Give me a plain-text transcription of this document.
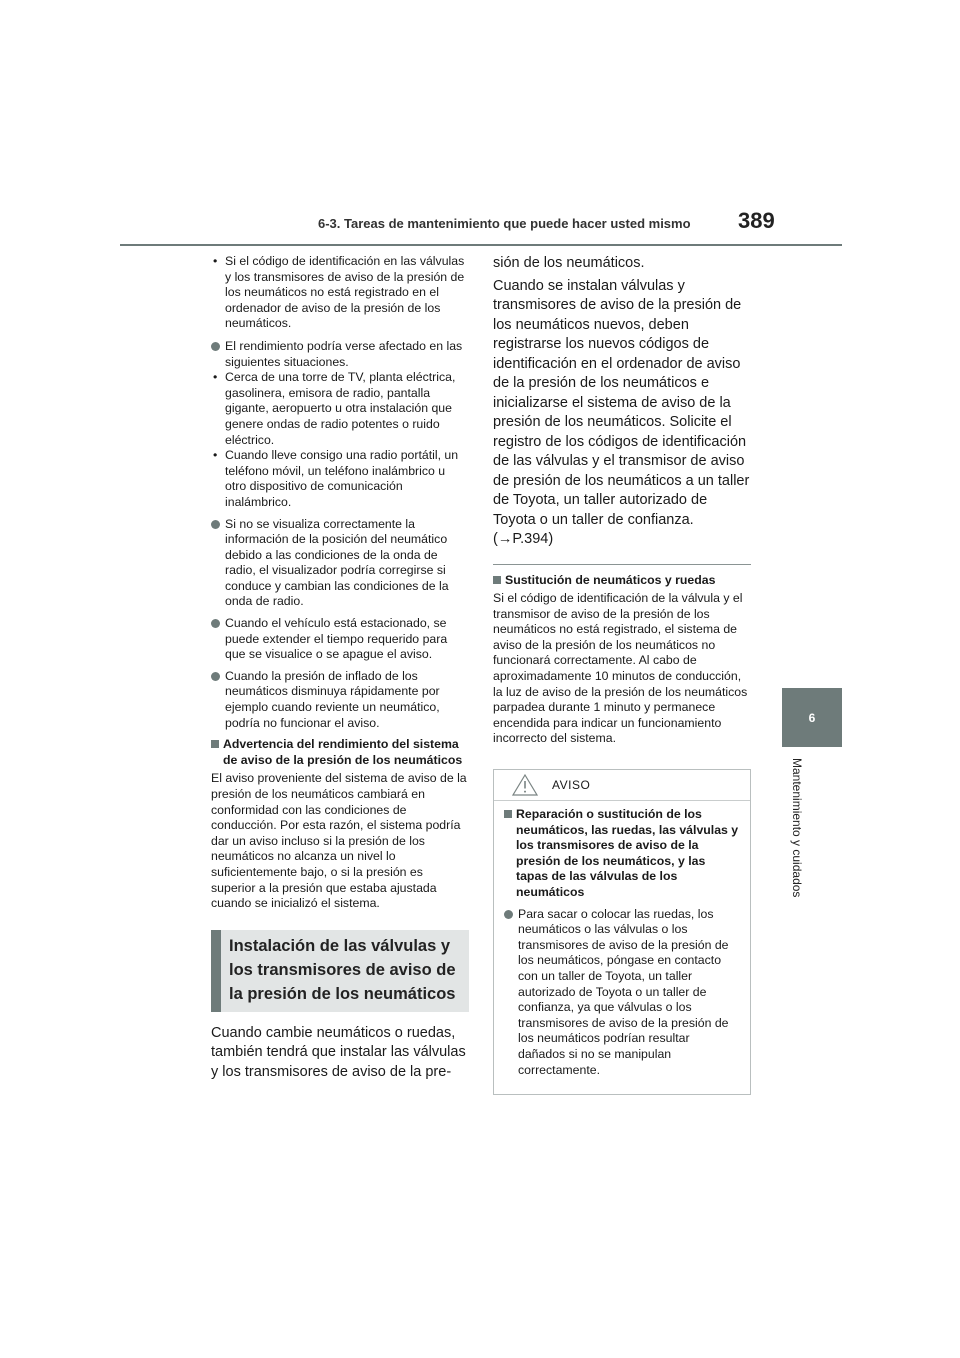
6-3. Tareas de mantenimiento que puede hacer usted mismo	389
6
Mantenimiento y cuidados
• Si el código de identificación en las válvulas y los transmisores de aviso de la presión de los neumáticos no está registrado en el ordenador de aviso de la presión de los neumáticos.
El rendimiento podría verse afectado en las siguientes situaciones.
• Cerca de una torre de TV, planta eléctrica, gasolinera, emisora de radio, pantalla gigante, aeropuerto u otra instalación que genere ondas de radio potentes o ruido eléctrico.
• Cuando lleve consigo una radio portátil, un teléfono móvil, un teléfono inalámbrico u otro dispositivo de comunicación inalámbrico.
Si no se visualiza correctamente la información de la posición del neumático debido a las condiciones de la onda de radio, el visualizador podría corregirse si conduce y cambian las condiciones de la onda de radio.
Cuando el vehículo está estacionado, se puede extender el tiempo requerido para que se visualice o se apague el aviso.
Cuando la presión de inflado de los neumáticos disminuya rápidamente por ejemplo cuando reviente un neumático, podría no funcionar el aviso.
Advertencia del rendimiento del sistema de aviso de la presión de los neumáticos

El aviso proveniente del sistema de aviso de la presión de los neumáticos cambiará en conformidad con las condiciones de conducción. Por esta razón, el sistema podría dar un aviso incluso si la presión de los neumáticos no alcanza un nivel lo suficientemente bajo, o si la presión es superior a la presión que estaba ajustada cuando se inicializó el sistema.

Instalación de las válvulas y los transmisores de aviso de la presión de los neumáticos

Cuando cambie neumáticos o ruedas, también tendrá que instalar las válvulas y los transmisores de aviso de la pre-

sión de los neumáticos.

Cuando se instalan válvulas y transmisores de aviso de la presión de los neumáticos nuevos, deben registrarse los nuevos códigos de identificación en el ordenador de aviso de la presión de los neumáticos e inicializarse el sistema de aviso de la presión de los neumáticos. Solicite el registro de los códigos de identificación de las válvulas y el transmisor de aviso de presión de los neumáticos a un taller de Toyota, un taller autorizado de Toyota o un taller de confianza. (→P.394)

Sustitución de neumáticos y ruedas

Si el código de identificación de la válvula y el transmisor de aviso de la presión de los neumáticos no está registrado, el sistema de aviso de la presión de los neumáticos no funcionará correctamente. Al cabo de aproximadamente 10 minutos de conducción, la luz de aviso de la presión de los neumáticos parpadea durante 1 minuto y permanece encendida para indicar un funcionamiento incorrecto del sistema.

AVISO
Reparación o sustitución de los neumáticos, las ruedas, las válvulas y los transmisores de aviso de la presión de los neumáticos, y las tapas de las válvulas de los neumáticos
Para sacar o colocar las ruedas, los neumáticos o las válvulas o los transmisores de aviso de la presión de los neumáticos, póngase en contacto con un taller de Toyota, un taller autorizado de Toyota o un taller de confianza, ya que válvulas o los transmisores de aviso de la presión de los neumáticos podrían resultar dañados si no se manipulan correctamente.
